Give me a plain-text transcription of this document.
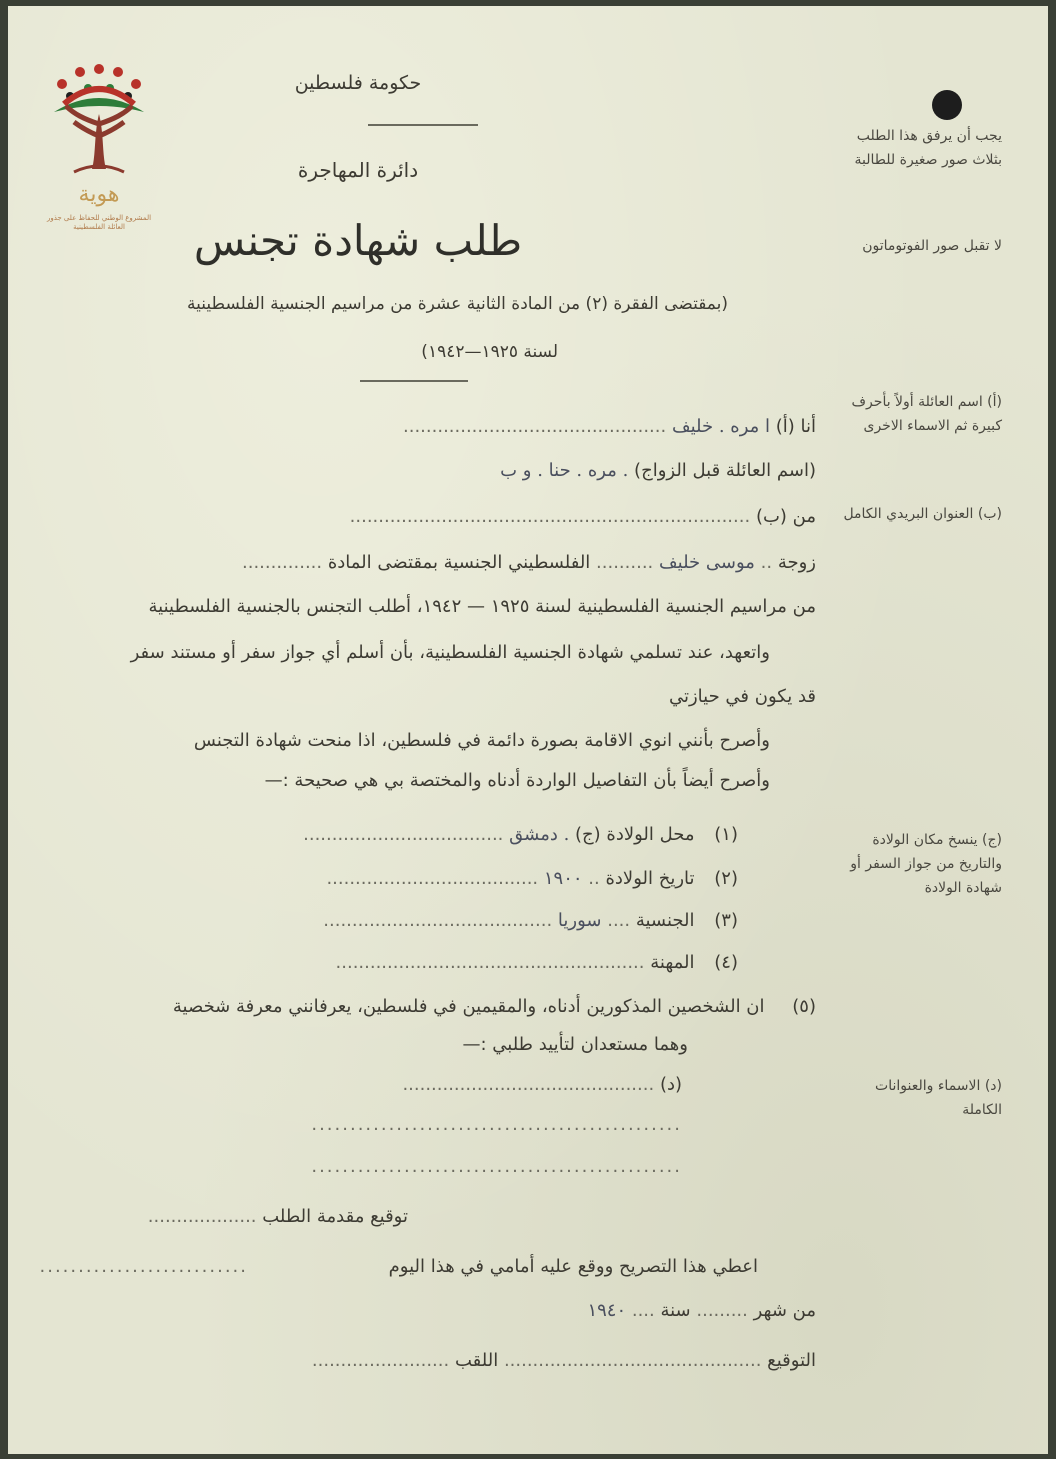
هوية
المشروع الوطني للحفاظ على جذور العائلة الفلسطينية
حكومة فلسطين
دائرة المهاجرة
طلب شهادة تجنس
(بمقتضى الفقرة (٢) من المادة الثانية عشرة من مراسيم الجنسية الفلسطينية
لسنة ١٩٢٥—١٩٤٢)
يجب أن يرفق هذا الطلب بثلاث صور صغيرة للطالبة
لا تقبل صور الفوتوماتون
(أ) اسم العائلة أولاً بأحرف كبيرة ثم الاسماء الاخرى
(ب) العنوان البريدي الكامل
(ج) ينسخ مكان الولادة والتاريخ من جواز السفر أو شهادة الولادة
(د) الاسماء والعنوانات الكاملة
أنا (أ) ا مره . خليف ..............................................
(اسم العائلة قبل الزواج) . مره . حنا . و ب
من (ب) ......................................................................
زوجة .. موسى خليف .......... الفلسطيني الجنسية بمقتضى المادة ..............
من مراسيم الجنسية الفلسطينية لسنة ١٩٢٥ — ١٩٤٢، أطلب التجنس بالجنسية الفلسطينية
واتعهد، عند تسلمي شهادة الجنسية الفلسطينية، بأن أسلم أي جواز سفر أو مستند سفر
قد يكون في حيازتي
وأصرح بأنني انوي الاقامة بصورة دائمة في فلسطين، اذا منحت شهادة التجنس
وأصرح أيضاً بأن التفاصيل الواردة أدناه والمختصة بي هي صحيحة :—
(١) محل الولادة (ج) . دمشق ...................................
(٢) تاريخ الولادة .. ١٩٠٠ .....................................
(٣) الجنسية .... سوريا ........................................
(٤) المهنة ......................................................
(٥) ان الشخصين المذكورين أدناه، والمقيمين في فلسطين، يعرفانني معرفة شخصية
وهما مستعدان لتأييد طلبي :—
(د) ............................................
................................................
................................................
توقيع مقدمة الطلب ...................
اعطي هذا التصريح ووقع عليه أمامي في هذا اليوم
...........................
من شهر ......... سنة .... ١٩٤٠
التوقيع ............................................. اللقب ........................
